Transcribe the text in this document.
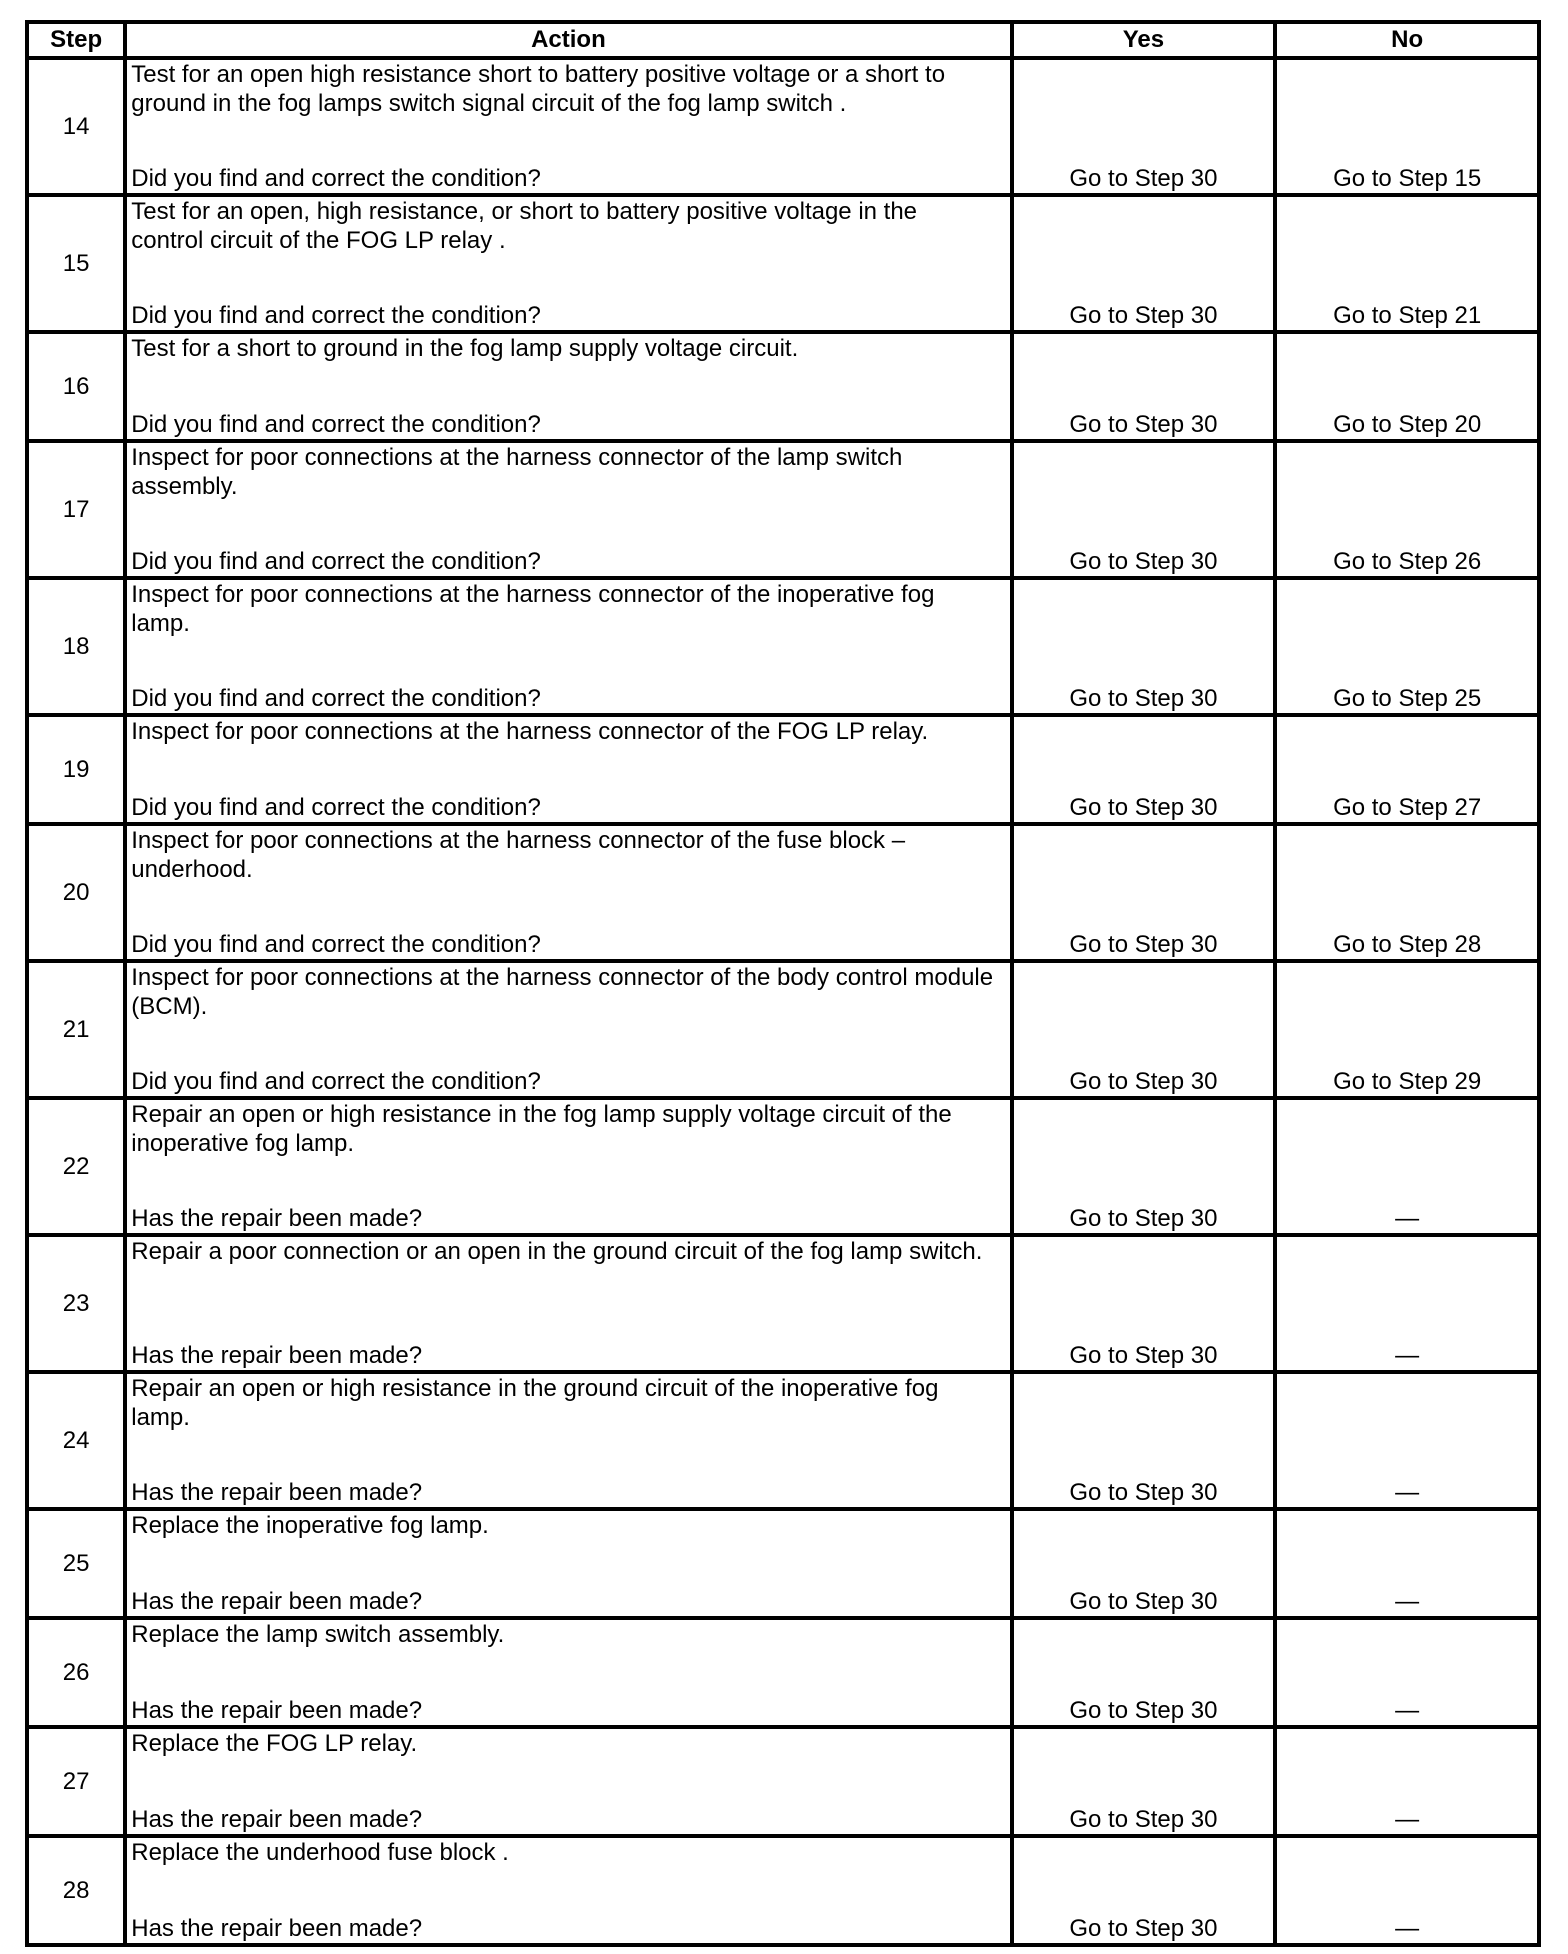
Step	Action	Yes	No
14	Test for an open high resistance short to battery positive voltage or a short to ground in the fog lamps switch signal circuit of the fog lamp switch .
Did you find and correct the condition?	Go to Step 30	Go to Step 15
15	Test for an open, high resistance, or short to battery positive voltage in the control circuit of the FOG LP relay .
Did you find and correct the condition?	Go to Step 30	Go to Step 21
16	Test for a short to ground in the fog lamp supply voltage circuit.
Did you find and correct the condition?	Go to Step 30	Go to Step 20
17	Inspect for poor connections at the harness connector of the lamp switch assembly.
Did you find and correct the condition?	Go to Step 30	Go to Step 26
18	Inspect for poor connections at the harness connector of the inoperative fog lamp.
Did you find and correct the condition?	Go to Step 30	Go to Step 25
19	Inspect for poor connections at the harness connector of the FOG LP relay.
Did you find and correct the condition?	Go to Step 30	Go to Step 27
20	Inspect for poor connections at the harness connector of the fuse block – underhood.
Did you find and correct the condition?	Go to Step 30	Go to Step 28
21	Inspect for poor connections at the harness connector of the body control module (BCM).
Did you find and correct the condition?	Go to Step 30	Go to Step 29
22	Repair an open or high resistance in the fog lamp supply voltage circuit of the inoperative fog lamp.
Has the repair been made?	Go to Step 30	—
23	Repair a poor connection or an open in the ground circuit of the fog lamp switch.
Has the repair been made?	Go to Step 30	—
24	Repair an open or high resistance in the ground circuit of the inoperative fog lamp.
Has the repair been made?	Go to Step 30	—
25	Replace the inoperative fog lamp.
Has the repair been made?	Go to Step 30	—
26	Replace the lamp switch assembly.
Has the repair been made?	Go to Step 30	—
27	Replace the FOG LP relay.
Has the repair been made?	Go to Step 30	—
28	Replace the underhood fuse block .
Has the repair been made?	Go to Step 30	—
